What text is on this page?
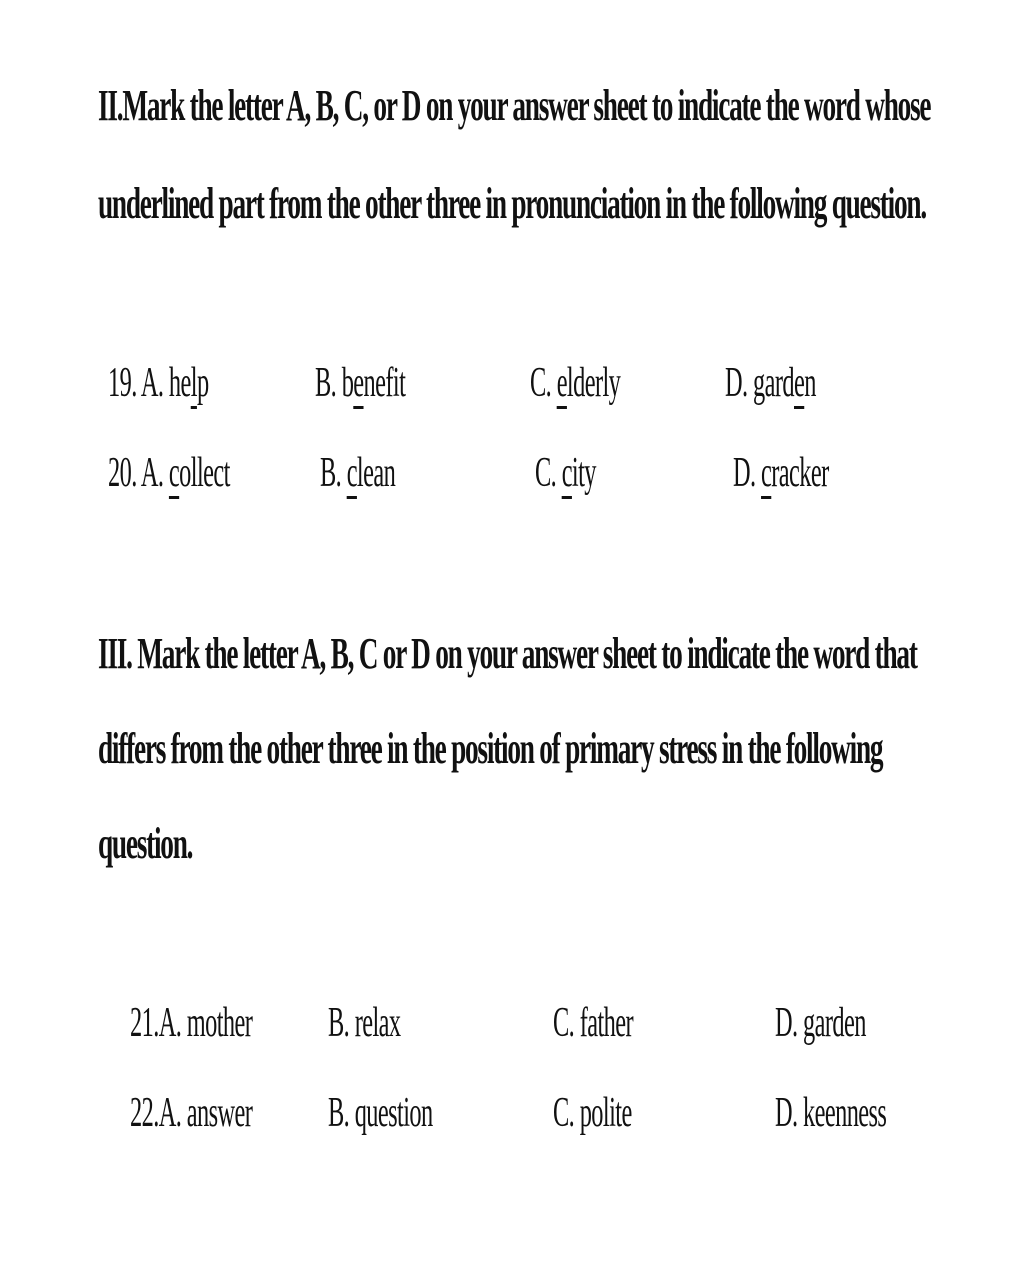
II.Mark the letter A, B, C, or D on your answer sheet to indicate the word whose
underlined part from the other three in pronunciation in the following question.
19. A. help	B. benefit	C. elderly D. garden
20. A. collect B. clean	C. city	D. cracker
III. Mark the letter A, B, C or D on your answer sheet to indicate the word that
differs from the other three in the position of primary stress in the following
question.
21.A. mother B. relax	C. father	D. garden
22.A. answer B. question	C. polite	D. keenness
